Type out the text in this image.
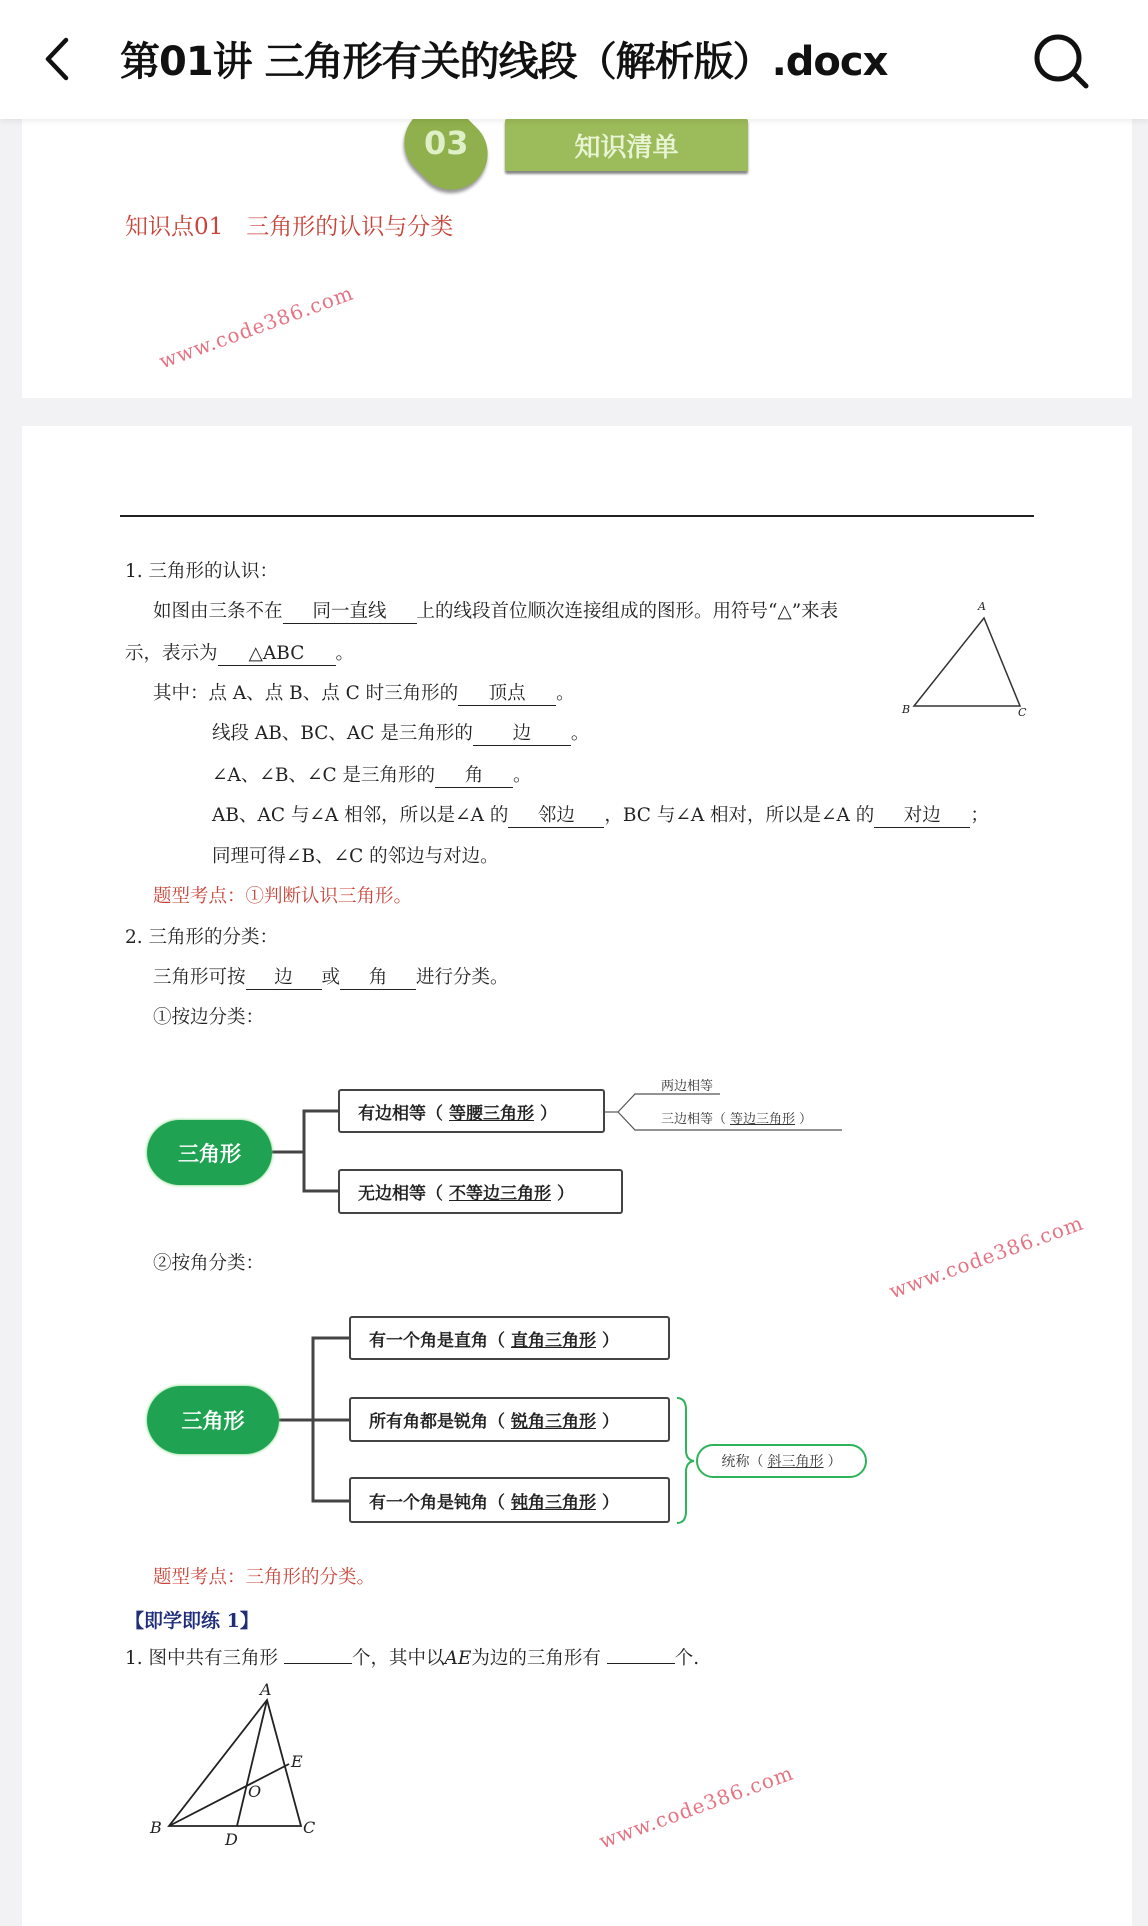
第01讲 三角形有关的线段（解析版）.docx
03	知识清单
知识点01　三角形的认识与分类
1. 三角形的认识：
如图由三条不在 同一直线 上的线段首位顺次连接组成的图形。用符号“△”来表
示，表示为 △ABC 。
其中：点 A、点 B、点 C 时三角形的 顶点 。
线段 AB、BC、AC 是三角形的 边 。
∠A、∠B、∠C 是三角形的 角 。
AB、AC 与∠A 相邻，所以是∠A 的 邻边 ，BC 与∠A 相对，所以是∠A 的 对边 ；
同理可得∠B、∠C 的邻边与对边。
题型考点：①判断认识三角形。
2. 三角形的分类：
三角形可按 边 或 角 进行分类。
①按边分类：
②按角分类：
A
B	C
三角形
有边相等（ 等腰三角形 ）
无边相等（ 不等边三角形 ）
两边相等
三边相等（ 等边三角形 ）
三角形
有一个角是直角（ 直角三角形 ）
所有角都是锐角（ 锐角三角形 ）
有一个角是钝角（ 钝角三角形 ）
统称（ 斜三角形 ）
题型考点：三角形的分类。
【即学即练 1】
1. 图中共有三角形	个，其中以AE为边的三角形有	个.
A
B	C
D
E
O
www.code386.com
www.code386.com
www.code386.com
